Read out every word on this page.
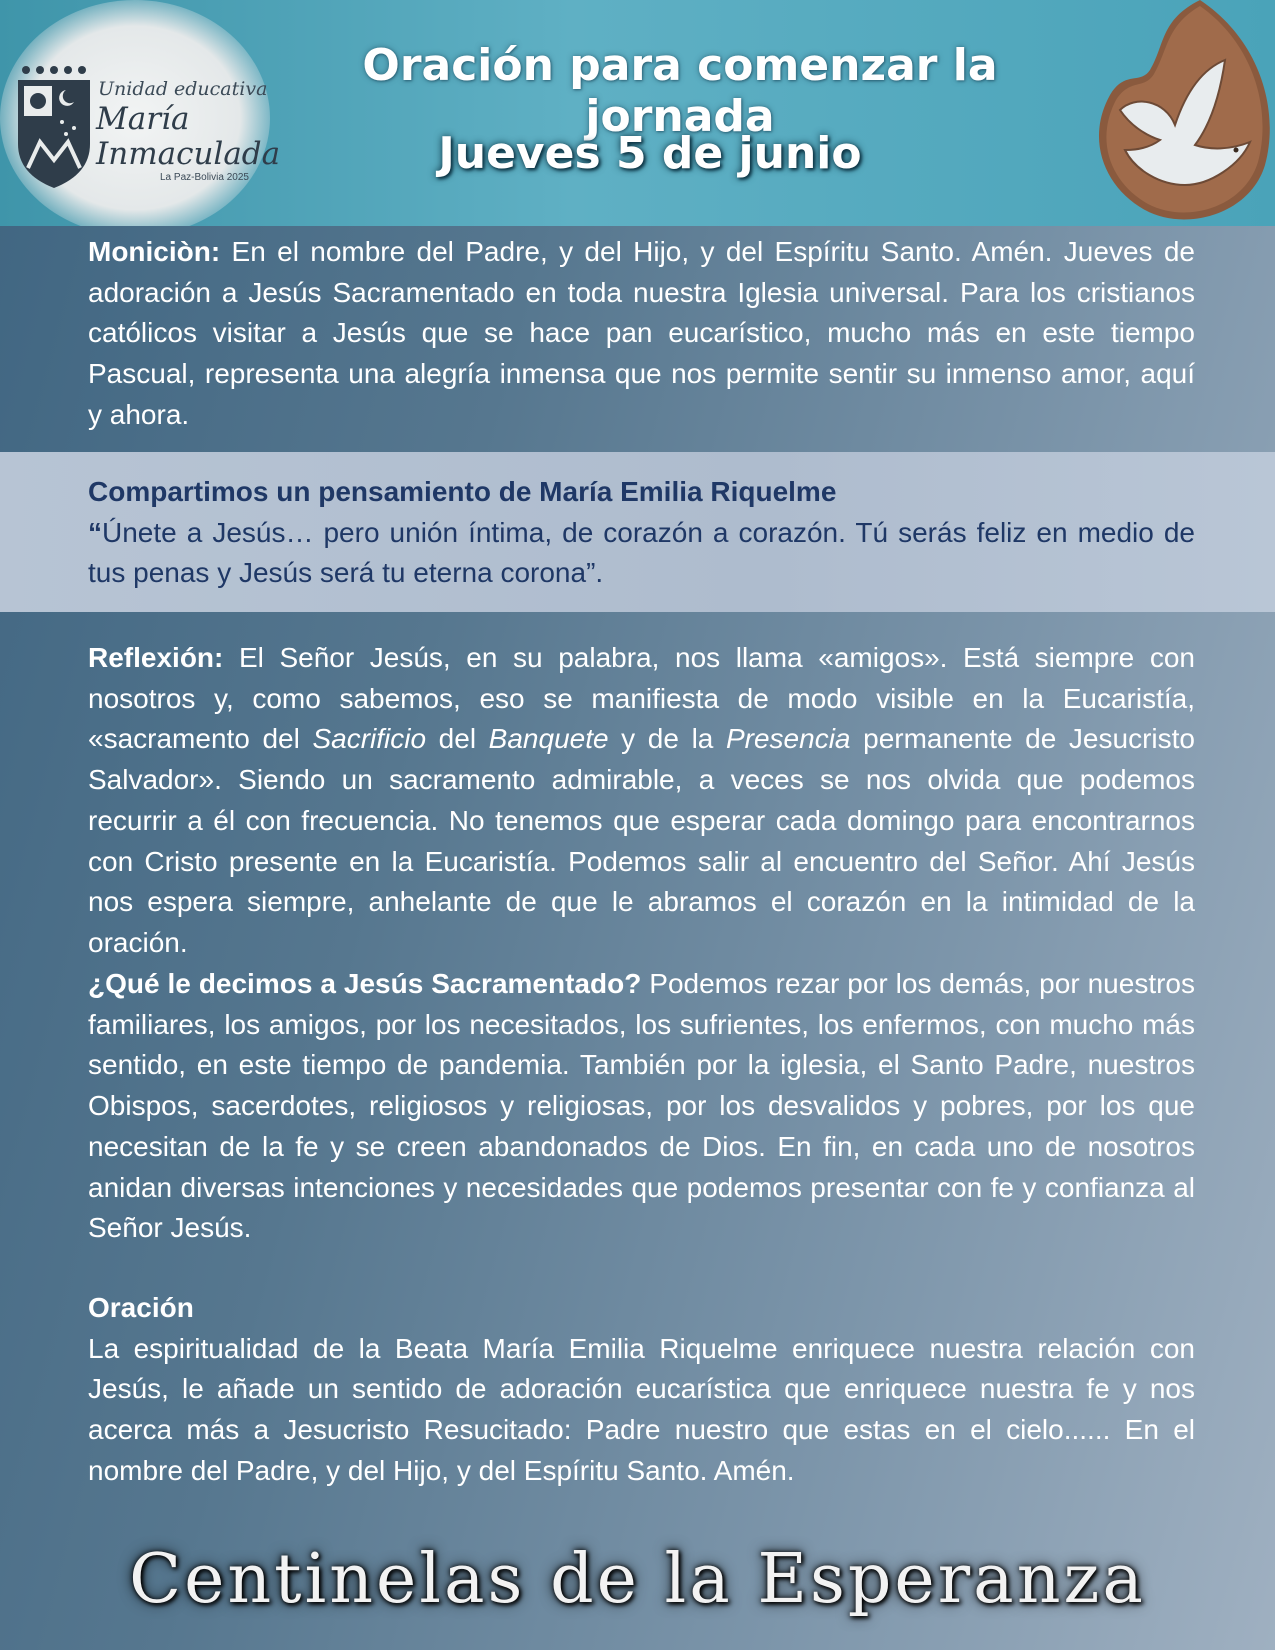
Unidad educativa

María

Inmaculada

La Paz-Bolivia 2025

Oración para comenzar la jornada
Jueves 5 de junio

Moniciòn: En el nombre del Padre, y del Hijo, y del Espíritu Santo. Amén. Jueves de adoración a Jesús Sacramentado en toda nuestra Iglesia universal. Para los cristianos católicos visitar a Jesús que se hace pan eucarístico, mucho más en este tiempo Pascual, representa una alegría inmensa que nos permite sentir su inmenso amor, aquí y ahora.

Compartimos un pensamiento de María Emilia Riquelme
“Únete a Jesús… pero unión íntima, de corazón a corazón. Tú serás feliz en medio de tus penas y Jesús será tu eterna corona”.

Reflexión: El Señor Jesús, en su palabra, nos llama «amigos». Está siempre con nosotros y, como sabemos, eso se manifiesta de modo visible en la Eucaristía, «sacramento del Sacrificio del Banquete y de la Presencia permanente de Jesucristo Salvador». Siendo un sacramento admirable, a veces se nos olvida que podemos recurrir a él con frecuencia. No tenemos que esperar cada domingo para encontrarnos con Cristo presente en la Eucaristía. Podemos salir al encuentro del Señor. Ahí Jesús nos espera siempre, anhelante de que le abramos el corazón en la intimidad de la oración.

¿Qué le decimos a Jesús Sacramentado? Podemos rezar por los demás, por nuestros familiares, los amigos, por los necesitados, los sufrientes, los enfermos, con mucho más sentido, en este tiempo de pandemia. También por la iglesia, el Santo Padre, nuestros Obispos, sacerdotes, religiosos y religiosas, por los desvalidos y pobres, por los que necesitan de la fe y se creen abandonados de Dios. En fin, en cada uno de nosotros anidan diversas intenciones y necesidades que podemos presentar con fe y confianza al Señor Jesús.

Oración
La espiritualidad de la Beata María Emilia Riquelme enriquece nuestra relación con Jesús, le añade un sentido de adoración eucarística que enriquece nuestra fe y nos acerca más a Jesucristo Resucitado: Padre nuestro que estas en el cielo...... En el nombre del Padre, y del Hijo, y del Espíritu Santo. Amén.

Centinelas de la Esperanza
